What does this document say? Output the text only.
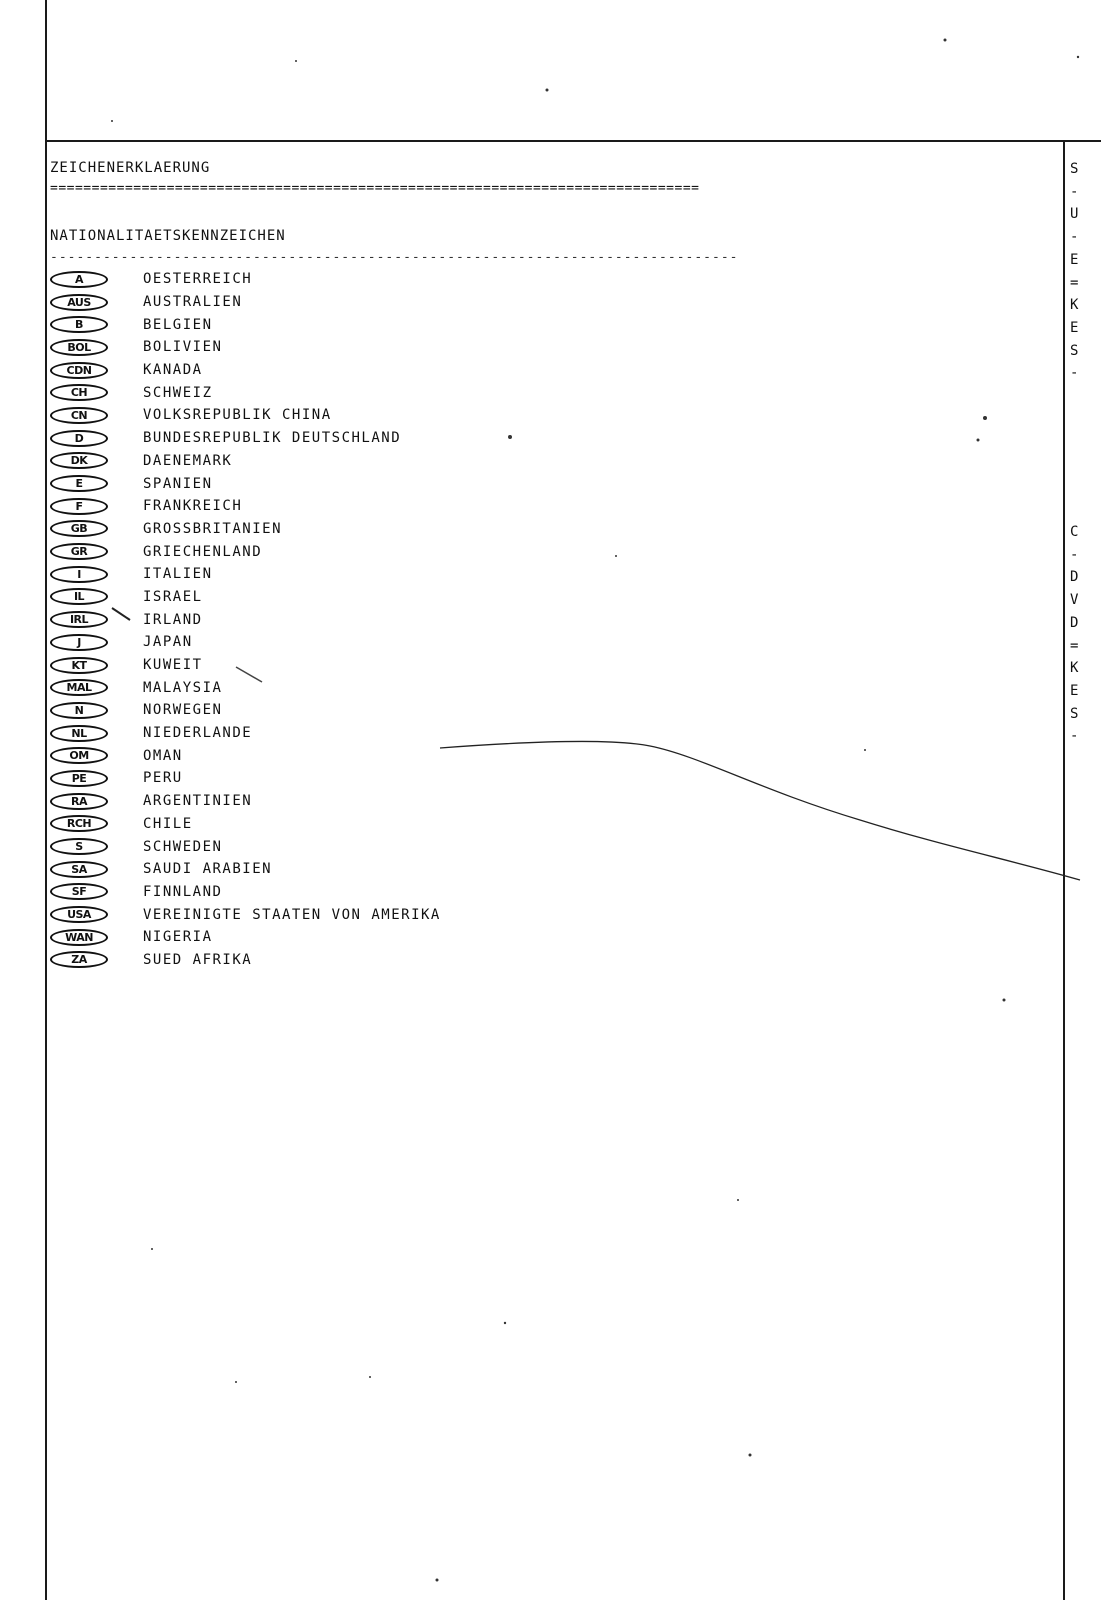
ZEICHENERKLAERUNG
==============================================================================
NATIONALITAETSKENNZEICHEN
------------------------------------------------------------------------------
A	OESTERREICH
AUS	AUSTRALIEN
B	BELGIEN
BOL	BOLIVIEN
CDN	KANADA
CH	SCHWEIZ
CN	VOLKSREPUBLIK CHINA
D	BUNDESREPUBLIK DEUTSCHLAND
DK	DAENEMARK
E	SPANIEN
F	FRANKREICH
GB	GROSSBRITANIEN
GR	GRIECHENLAND
I	ITALIEN
IL	ISRAEL
IRL	IRLAND
J	JAPAN
KT	KUWEIT
MAL	MALAYSIA
N	NORWEGEN
NL	NIEDERLANDE
OM	OMAN
PE	PERU
RA	ARGENTINIEN
RCH	CHILE
S	SCHWEDEN
SA	SAUDI ARABIEN
SF	FINNLAND
USA	VEREINIGTE STAATEN VON AMERIKA
WAN	NIGERIA
ZA	SUED AFRIKA
S
-
U
-
E
=
K
E
S
-
C
-
D
V
D
=
K
E
S
-
